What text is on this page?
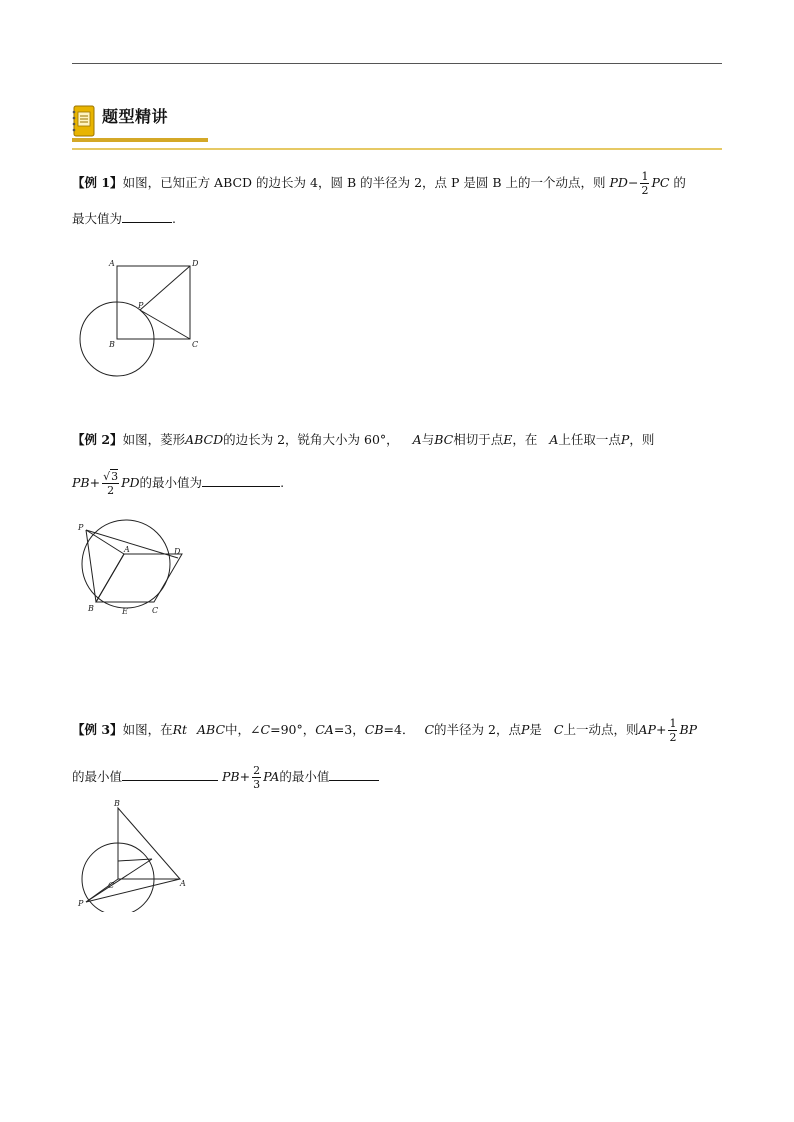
题型精讲
【例 1】如图，已知正方 ABCD 的边长为 4，圆 B 的半径为 2，点 P 是圆 B 上的一个动点，则 $PD- \frac{1}{2}$ PC 的
最大值为	.
A	D
P
B	C
【例 2】如图，菱形ABCD的边长为 2，锐角大小为 60°， A与BC相切于点E，在 A上任取一点P，则
$PB+ \frac{√3}{2}$ PD的最小值为	.
P
A	D
B	E	C
【例 3】如图，在Rt ABC中，∠C=90°，CA=3，CB=4． C的半径为 2，点P是 C上一动点，则$AP+ \frac{1}{2}$ BP
的最小值	$PB+ \frac{2}{3}$ PA的最小值
B
C	A
P
